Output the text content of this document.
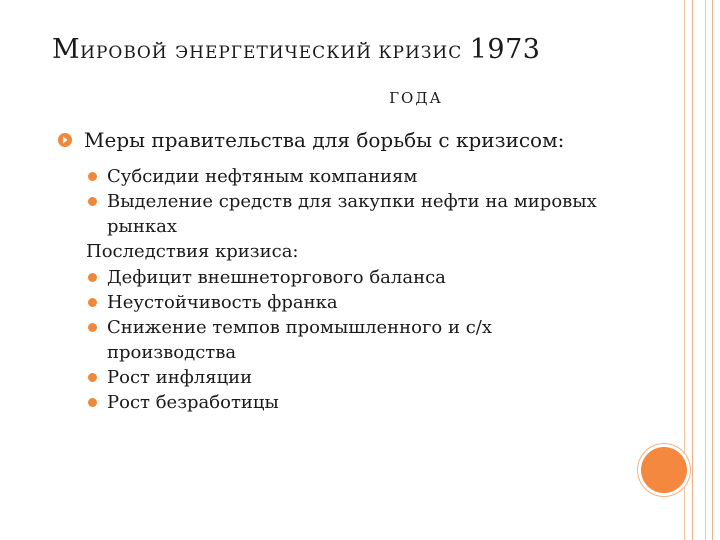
МИРОВОЙ ЭНЕРГЕТИЧЕСКИЙ КРИЗИС 1973
ГОДА
Меры правительства для борьбы с кризисом:
Субсидии нефтяным компаниям
Выделение средств для закупки нефти на мировых
рынках

Последствия кризиса:

Дефицит внешнеторгового баланса
Неустойчивость франка
Снижение темпов промышленного и с/х
производства
Рост инфляции
Рост безработицы
